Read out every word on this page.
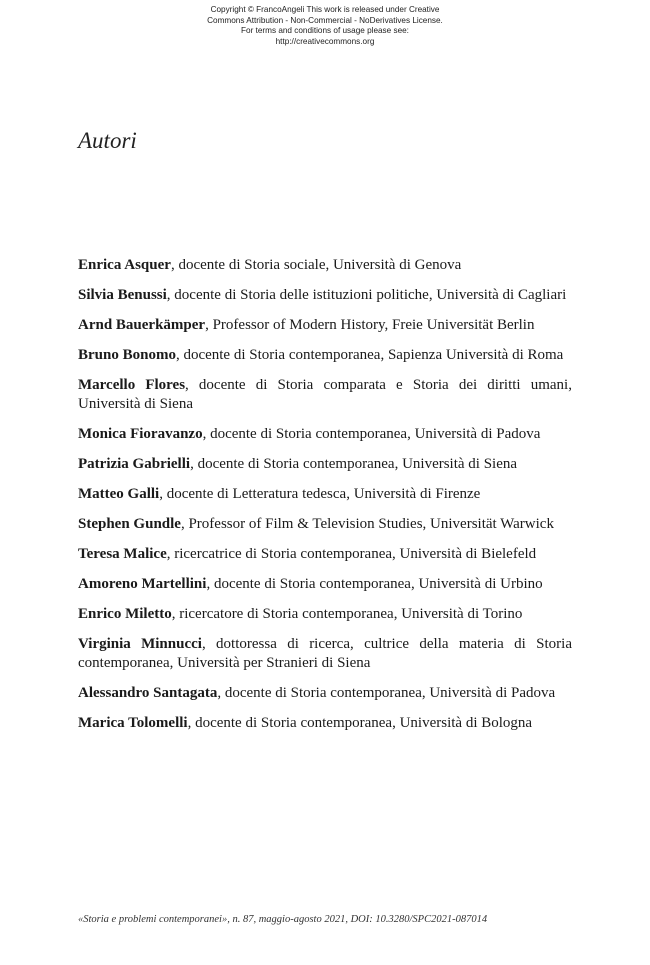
Copyright © FrancoAngeli This work is released under Creative
Commons Attribution - Non-Commercial - NoDerivatives License.
For terms and conditions of usage please see:
http://creativecommons.org
Autori

Enrica Asquer, docente di Storia sociale, Università di Genova

Silvia Benussi, docente di Storia delle istituzioni politiche, Università di Cagliari

Arnd Bauerkämper, Professor of Modern History, Freie Universität Berlin

Bruno Bonomo, docente di Storia contemporanea, Sapienza Università di Roma

Marcello Flores, docente di Storia comparata e Storia dei diritti umani, Università di Siena

Monica Fioravanzo, docente di Storia contemporanea, Università di Padova

Patrizia Gabrielli, docente di Storia contemporanea, Università di Siena

Matteo Galli, docente di Letteratura tedesca, Università di Firenze

Stephen Gundle, Professor of Film & Television Studies, Universität Warwick

Teresa Malice, ricercatrice di Storia contemporanea, Università di Bielefeld

Amoreno Martellini, docente di Storia contemporanea, Università di Urbino

Enrico Miletto, ricercatore di Storia contemporanea, Università di Torino

Virginia Minnucci, dottoressa di ricerca, cultrice della materia di Storia contemporanea, Università per Stranieri di Siena

Alessandro Santagata, docente di Storia contemporanea, Università di Padova

Marica Tolomelli, docente di Storia contemporanea, Università di Bologna

«Storia e problemi contemporanei», n. 87, maggio-agosto 2021, DOI: 10.3280/SPC2021-087014
